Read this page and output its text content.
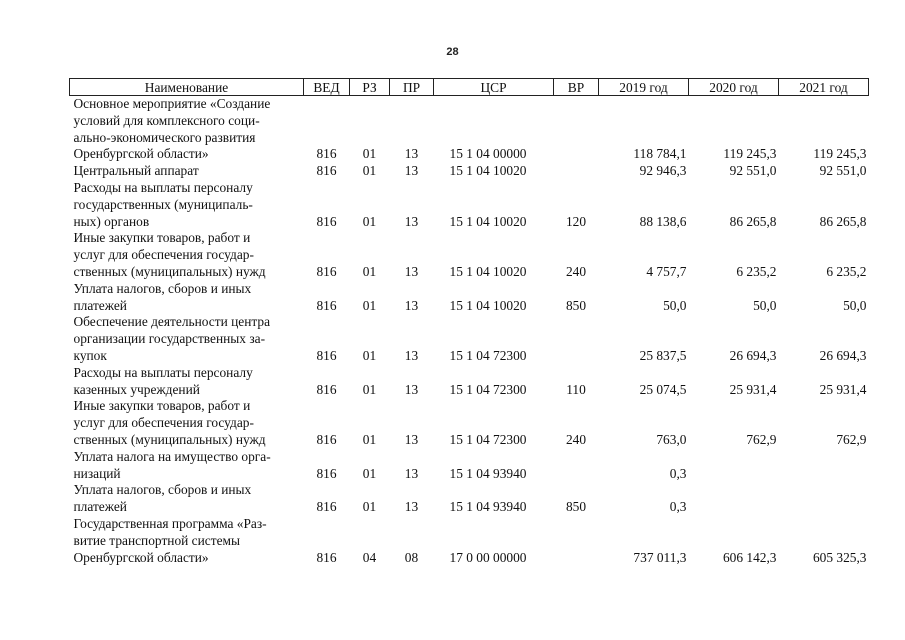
28
Наименование	ВЕД	РЗ	ПР	ЦСР	ВР	2019 год	2020 год	2021 год

Основное мероприятие «Создание
условий для комплексного соци-
ально-экономического развития
Оренбургской области»	816	01	13	15 1 04 00000		118 784,1	119 245,3	119 245,3

Центральный аппарат	816	01	13	15 1 04 10020		92 946,3	92 551,0	92 551,0

Расходы на выплаты персоналу
государственных (муниципаль-
ных) органов	816	01	13	15 1 04 10020	120	88 138,6	86 265,8	86 265,8

Иные закупки товаров, работ и
услуг для обеспечения государ-
ственных (муниципальных) нужд	816	01	13	15 1 04 10020	240	4 757,7	6 235,2	6 235,2

Уплата налогов, сборов и иных
платежей	816	01	13	15 1 04 10020	850	50,0	50,0	50,0

Обеспечение деятельности центра
организации государственных за-
купок	816	01	13	15 1 04 72300		25 837,5	26 694,3	26 694,3

Расходы на выплаты персоналу
казенных учреждений	816	01	13	15 1 04 72300	110	25 074,5	25 931,4	25 931,4

Иные закупки товаров, работ и
услуг для обеспечения государ-
ственных (муниципальных) нужд	816	01	13	15 1 04 72300	240	763,0	762,9	762,9

Уплата налога на имущество орга-
низаций	816	01	13	15 1 04 93940		0,3		

Уплата налогов, сборов и иных
платежей	816	01	13	15 1 04 93940	850	0,3		

Государственная программа «Раз-
витие транспортной системы
Оренбургской области»	816	04	08	17 0 00 00000		737 011,3	606 142,3	605 325,3
